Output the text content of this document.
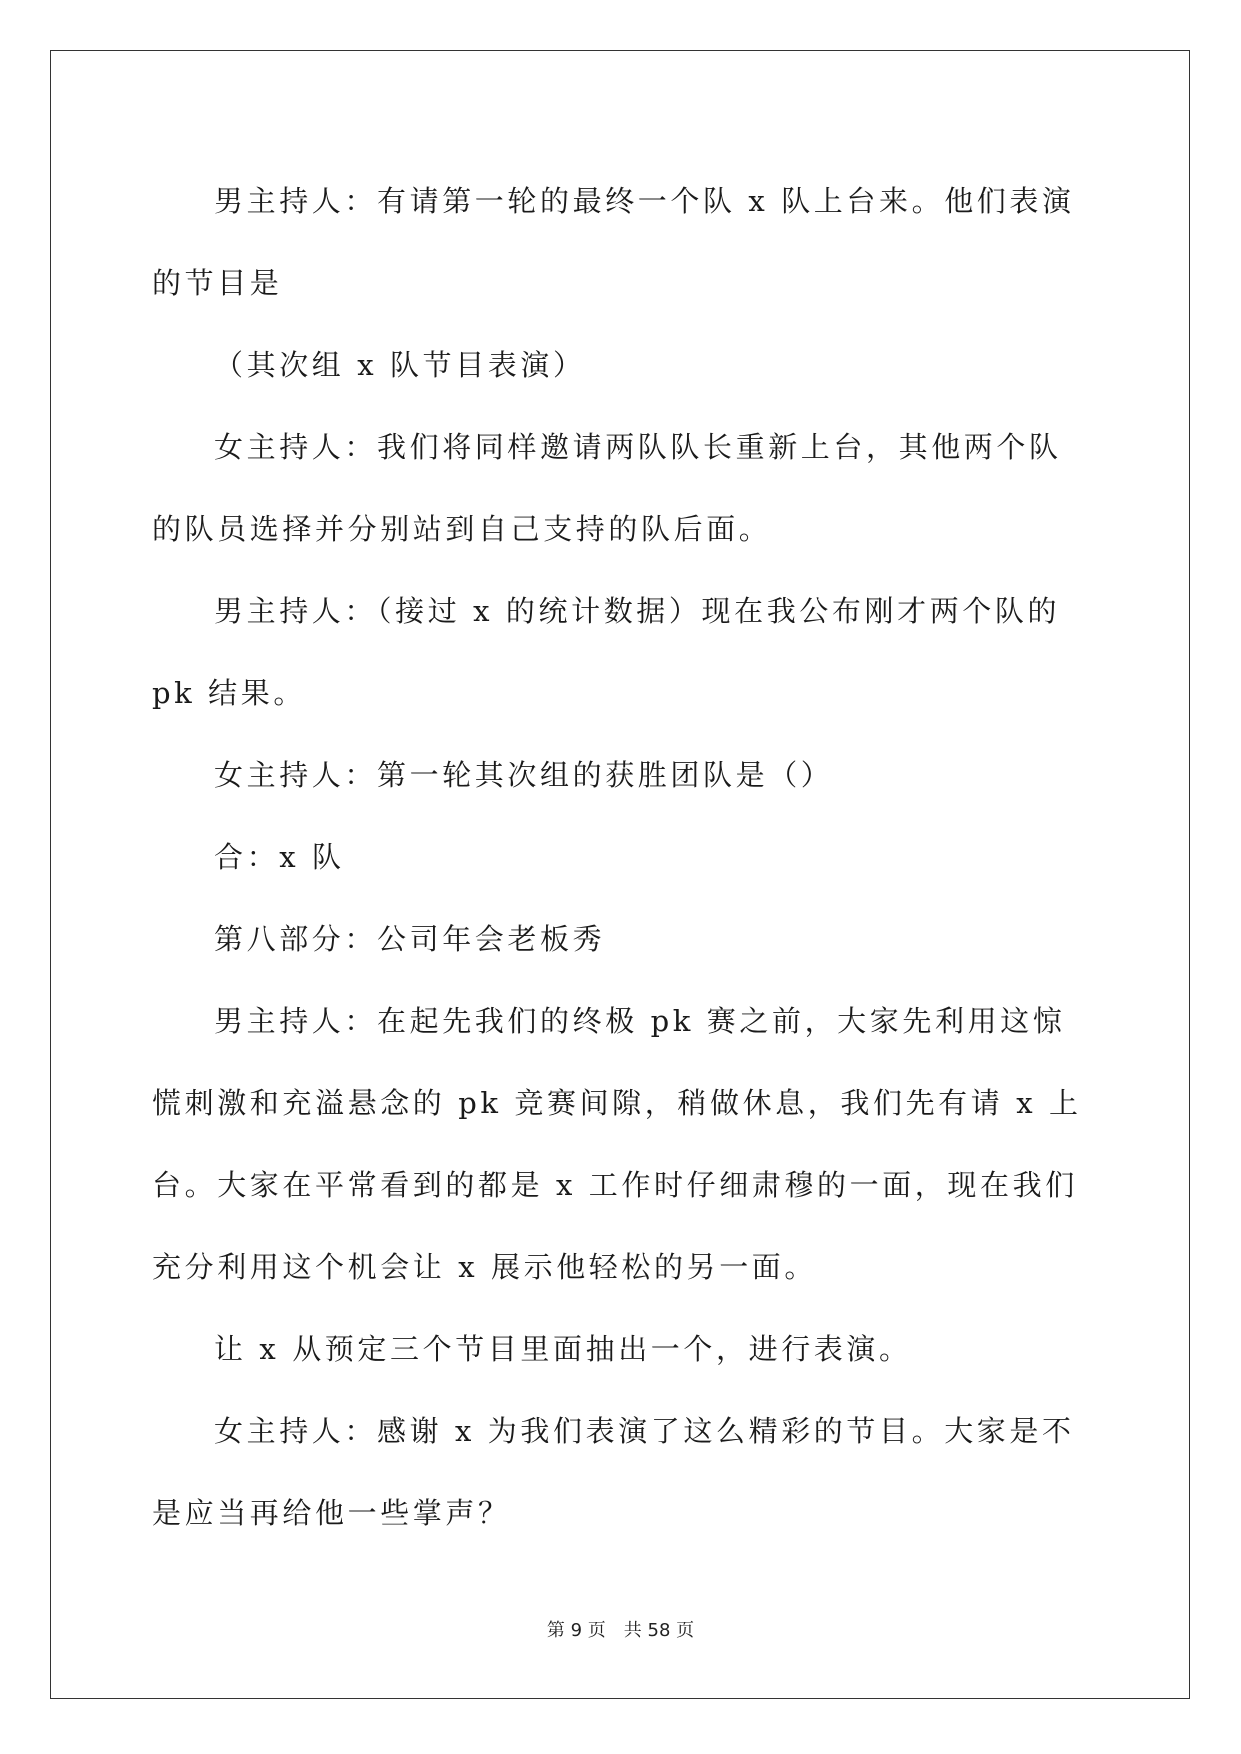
男主持人：有请第一轮的最终一个队 x 队上台来。他们表演的节目是

（其次组 x 队节目表演）

女主持人：我们将同样邀请两队队长重新上台，其他两个队的队员选择并分别站到自己支持的队后面。

男主持人：（接过 x 的统计数据）现在我公布刚才两个队的 pk 结果。

女主持人：第一轮其次组的获胜团队是（）

合：x 队

第八部分：公司年会老板秀

男主持人：在起先我们的终极 pk 赛之前，大家先利用这惊慌刺激和充溢悬念的 pk 竞赛间隙，稍做休息，我们先有请 x 上台。大家在平常看到的都是 x 工作时仔细肃穆的一面，现在我们充分利用这个机会让 x 展示他轻松的另一面。

让 x 从预定三个节目里面抽出一个，进行表演。

女主持人：感谢 x 为我们表演了这么精彩的节目。大家是不是应当再给他一些掌声？

第 9 页　共 58 页
